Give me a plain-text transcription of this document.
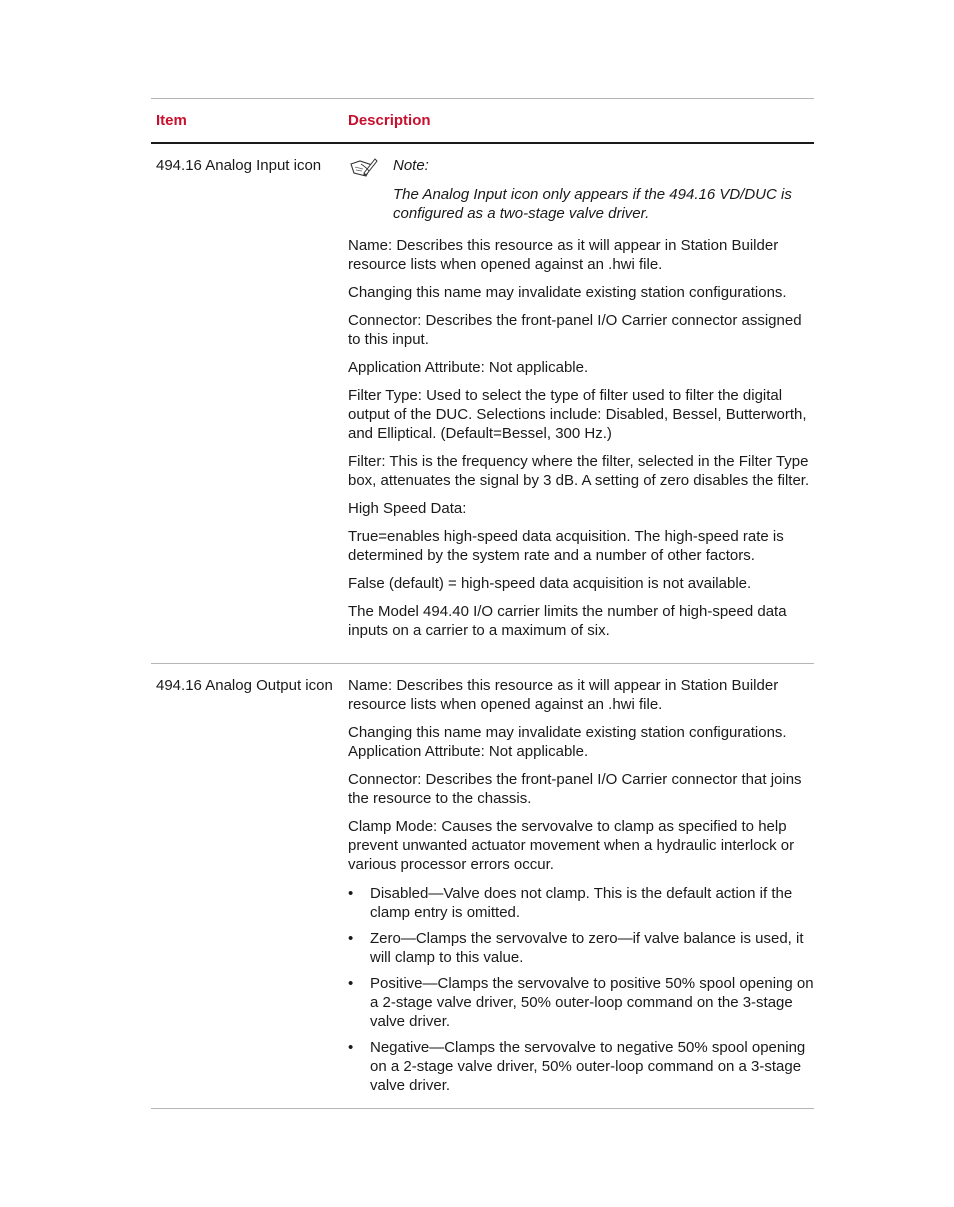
Item	Description
494.16 Analog Input icon	Note:
The Analog Input icon only appears if the 494.16 VD/DUC is configured as a two-stage valve driver.

Name: Describes this resource as it will appear in Station Builder resource lists when opened against an .hwi file.

Changing this name may invalidate existing station configurations.

Connector: Describes the front-panel I/O Carrier connector assigned to this input.

Application Attribute: Not applicable.

Filter Type: Used to select the type of filter used to filter the digital output of the DUC. Selections include: Disabled, Bessel, Butterworth, and Elliptical. (Default=Bessel, 300 Hz.)

Filter: This is the frequency where the filter, selected in the Filter Type box, attenuates the signal by 3 dB. A setting of zero disables the filter.

High Speed Data:

True=enables high-speed data acquisition. The high-speed rate is determined by the system rate and a number of other factors.

False (default) = high-speed data acquisition is not available.

The Model 494.40 I/O carrier limits the number of high-speed data inputs on a carrier to a maximum of six.

494.16 Analog Output icon	Name: Describes this resource as it will appear in Station Builder resource lists when opened against an .hwi file.

Changing this name may invalidate existing station configurations. Application Attribute: Not applicable.

Connector: Describes the front-panel I/O Carrier connector that joins the resource to the chassis.

Clamp Mode: Causes the servovalve to clamp as specified to help prevent unwanted actuator movement when a hydraulic interlock or various processor errors occur.

• Disabled—Valve does not clamp. This is the default action if the clamp entry is omitted.
• Zero—Clamps the servovalve to zero—if valve balance is used, it will clamp to this value.
• Positive—Clamps the servovalve to positive 50% spool opening on a 2-stage valve driver, 50% outer-loop command on the 3-stage valve driver.
• Negative—Clamps the servovalve to negative 50% spool opening on a 2-stage valve driver, 50% outer-loop command on a 3-stage valve driver.
